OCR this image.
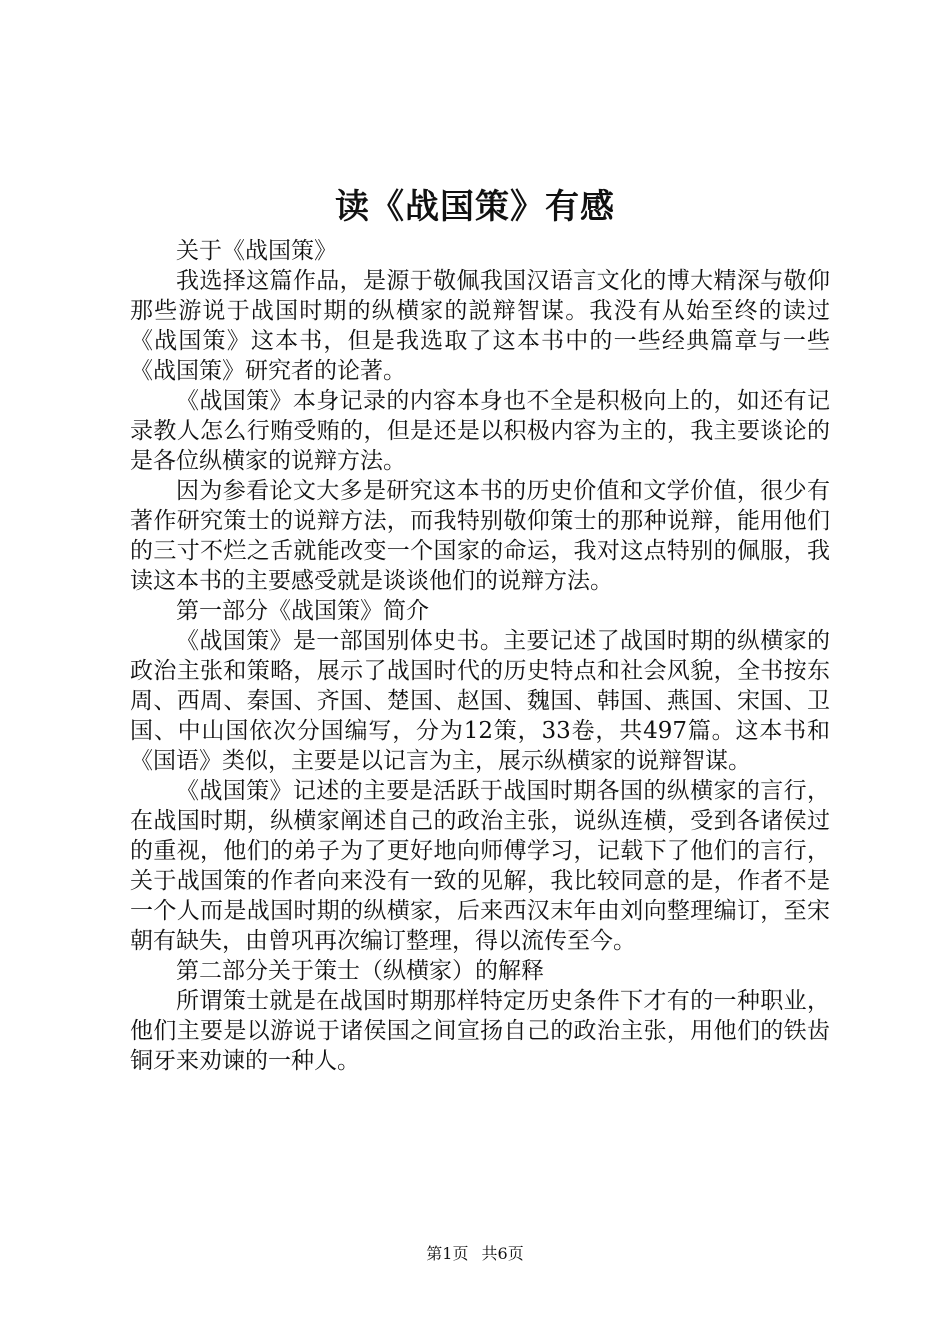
读《战国策》有感

关于《战国策》

我选择这篇作品，是源于敬佩我国汉语言文化的博大精深与敬仰那些游说于战国时期的纵横家的説辩智谋。我没有从始至终的读过《战国策》这本书，但是我选取了这本书中的一些经典篇章与一些《战国策》研究者的论著。

《战国策》本身记录的内容本身也不全是积极向上的，如还有记录教人怎么行贿受贿的，但是还是以积极内容为主的，我主要谈论的是各位纵横家的说辩方法。

因为参看论文大多是研究这本书的历史价值和文学价值，很少有著作研究策士的说辩方法，而我特别敬仰策士的那种说辩，能用他们的三寸不烂之舌就能改变一个国家的命运，我对这点特别的佩服，我读这本书的主要感受就是谈谈他们的说辩方法。

第一部分《战国策》简介

《战国策》是一部国别体史书。主要记述了战国时期的纵横家的政治主张和策略，展示了战国时代的历史特点和社会风貌，全书按东周、西周、秦国、齐国、楚国、赵国、魏国、韩国、燕国、宋国、卫国、中山国依次分国编写，分为12策，33卷，共497篇。这本书和《国语》类似，主要是以记言为主，展示纵横家的说辩智谋。

《战国策》记述的主要是活跃于战国时期各国的纵横家的言行，在战国时期，纵横家阐述自己的政治主张，说纵连横，受到各诸侯过的重视，他们的弟子为了更好地向师傅学习，记载下了他们的言行，关于战国策的作者向来没有一致的见解，我比较同意的是，作者不是一个人而是战国时期的纵横家，后来西汉末年由刘向整理编订，至宋朝有缺失，由曾巩再次编订整理，得以流传至今。

第二部分关于策士（纵横家）的解释

所谓策士就是在战国时期那样特定历史条件下才有的一种职业，他们主要是以游说于诸侯国之间宣扬自己的政治主张，用他们的铁齿铜牙来劝谏的一种人。

第1页 共6页
